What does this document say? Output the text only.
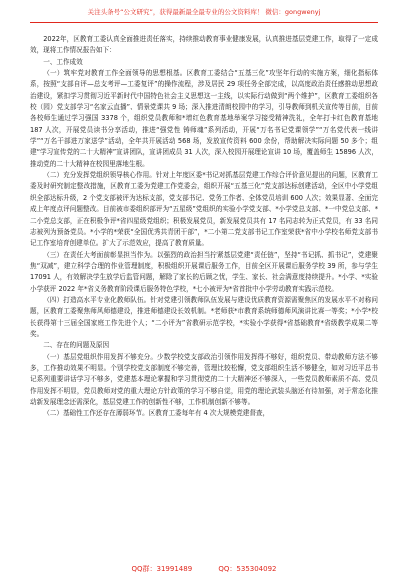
关注头条号“公文研究”，获得最新最全最专业的公文资料库！ 微信：gongwenyj

2022年，区教育工委认真全面推进责任落实，持续推动教育事业健康发展，认真推进基层党建工作，取得了一定成效，现将工作情况报告如下：

一、工作成效

（一）筑牢党对教育工作全面领导的思想根基。区教育工委结合“五基三化”攻坚年行动的实施方案，细化指标体系，按照“支部自评—总支考评—工委复评”的操作流程，涉及居民 29 项任务全部完成，以高度政治责任感推动思想政治建设，紧扣学习贯彻习近平新时代中国特色社会主义思想这一主线，以实际行动做到“两个维护”，区教育工委组织各校（园）党支部学习“名家云直播”、情景党课共 9 场；深入推进清朗校园中的学习，引导教师到机关宣传等目前，目前各校师生通过学习强国 3378 个，组织党员教师和*增红色教育基地举案学习接受精神洗礼，全年打卡红色教育基地 187 人次，开展党员读书分享活动，推进“强党性 铸师魂”系列活动，开展“万名书记党课领学”“万名党代表一线讲学”“万名干部进万家送学”活动，全年共开展活动 568 场，发放宣传资料 600 余份，帮助解决实际问题 50 多个；组建“学习宣传党的二十大精神”宣讲团队，宣讲团成员 31 人次，深入校园开展理论宣讲 10 场，覆盖师生 15896 人次，推动党的二十大精神在校园里落地生根。

（二）充分发挥党组织领导核心作用。针对上年度区委*书记对抓基层党建工作综合评价意见提出的问题，区教育工委及时研究制定整改措施，区教育工委为党建工作党委会，组织开展“五基三化”党支部达标创建活动，全区中小学党组织全部达标升级，2 个党支部被评为达标支部，党支部书记、党务工作者、全体党员培训 600 人次；效果显著、全面完成上年度点评问题整改。目前被市委组织部评为“五星级”党组织的实验小学党支部、*小学党总支部、*一中党总支部、*二小党总支部，正在积极争评*省四星级党组织；积极发展党员，新发展党员共有 17 名同志转为正式党员，有 33 名同志被列为预备党员。*小学的*荣获“全国优秀共青团干部”，*二小第二党支部书记工作室荣获*省中小学校名师党支部书记工作室培育创建单位。扩大了示范效应，提高了教育质量。

（三）在责任大考面前彰显担当作为。以强烈的政治担当拧紧基层党建“责任链”，坚持“书记抓、抓书记”，党建聚焦“双减”，建立科学合理的作业管理制度，积极组织开展课后服务工作，目前全区开展课后服务学校 39 所，参与学生 17091 人，有效解决学生放学后监管问题，解除了家长的后顾之忧，学生、家长、社会满意度持续提升。*小学、*实验小学获评 2022 年*省义务教育阶段课后服务特色学校，*七小被评为*省首批中小学劳动教育实践示范校。

（四）打造高水平专业化教师队伍。针对党建引领教师队伍发展与建设优质教育资源需聚焦区的发展水平不对称问题，区教育工委聚焦师风师德建设，推进师德建设长效机制。*老师获*市教育系统师德师风演讲比赛一等奖；*小学*校长获得第十三届全国家庭工作先进个人；“二小评为”省教研示范学校，*实验小学获得*省基础教育*省级教学成果二等奖。

二、存在的问题及原因

（一）基层党组织作用发挥不够充分。少数学校党支部政治引领作用发挥得不够好，组织党员、带动教师方法不够多，工作推动效果不明显。个别学校党支部制度不够完善，管理比较松懈，党支部组织生活不够健全，如对习近平总书记系列重要讲话学习不够多，党建基本理论掌握和学习贯彻党的二十大精神还不够深入，一些党员教师素质不高、党员作用发挥不明显，党员教师对党的重大理论方针政策的学习不够自觉，用党的理论武装头脑还有待加强，对于常态化推动新发展理念还需深化，基层党建工作的创新性不够，工作机制创新不够等。

（二）基础性工作还存在薄弱环节。区教育工委每年有 4 次大规模党建督查，

QQ群：31991489	QQ：535304092
